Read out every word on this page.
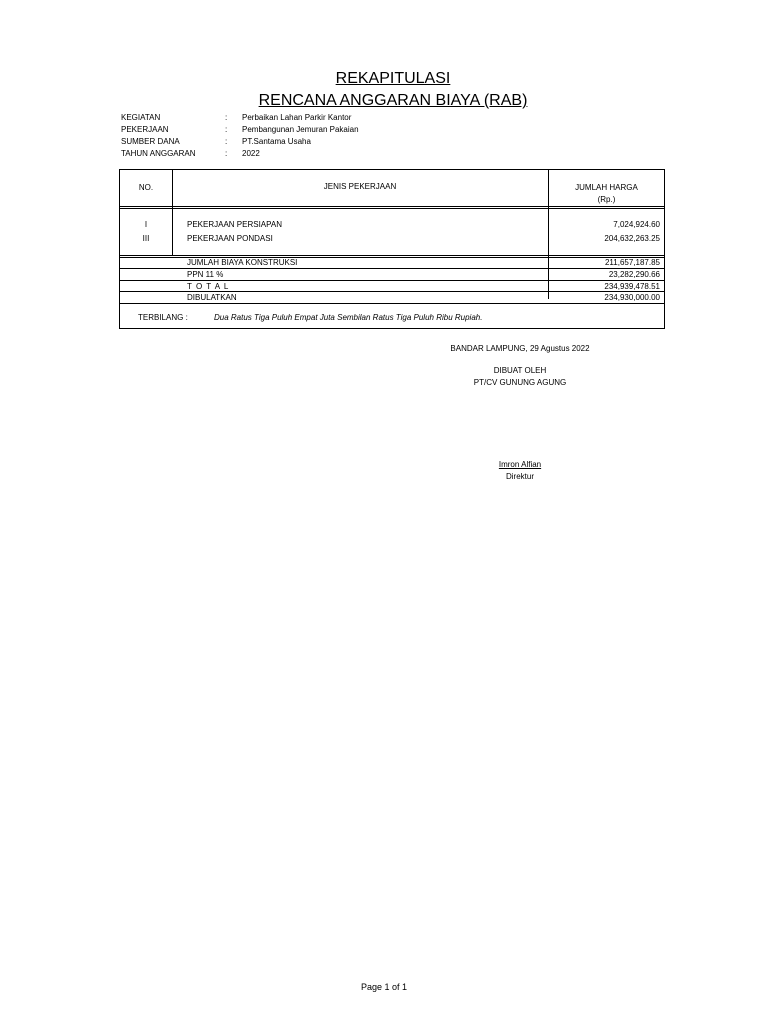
REKAPITULASI
RENCANA ANGGARAN BIAYA (RAB)
KEGIATAN	: Perbaikan Lahan Parkir Kantor
PEKERJAAN	: Pembangunan Jemuran Pakaian
SUMBER DANA	: PT.Santama Usaha
TAHUN ANGGARAN	: 2022
NO.	JENIS PEKERJAAN	JUMLAH HARGA
(Rp.)
I	PEKERJAAN PERSIAPAN	7,024,924.60
III	PEKERJAAN PONDASI	204,632,263.25
JUMLAH BIAYA KONSTRUKSI	211,657,187.85
PPN 11 %	23,282,290.66
T O T A L	234,939,478.51
DIBULATKAN	234,930,000.00
TERBILANG :	Dua Ratus Tiga Puluh Empat Juta Sembilan Ratus Tiga Puluh Ribu Rupiah.
BANDAR LAMPUNG, 29 Agustus 2022
DIBUAT OLEH
PT/CV GUNUNG AGUNG
Imron Alfian
Direktur
Page 1 of 1
